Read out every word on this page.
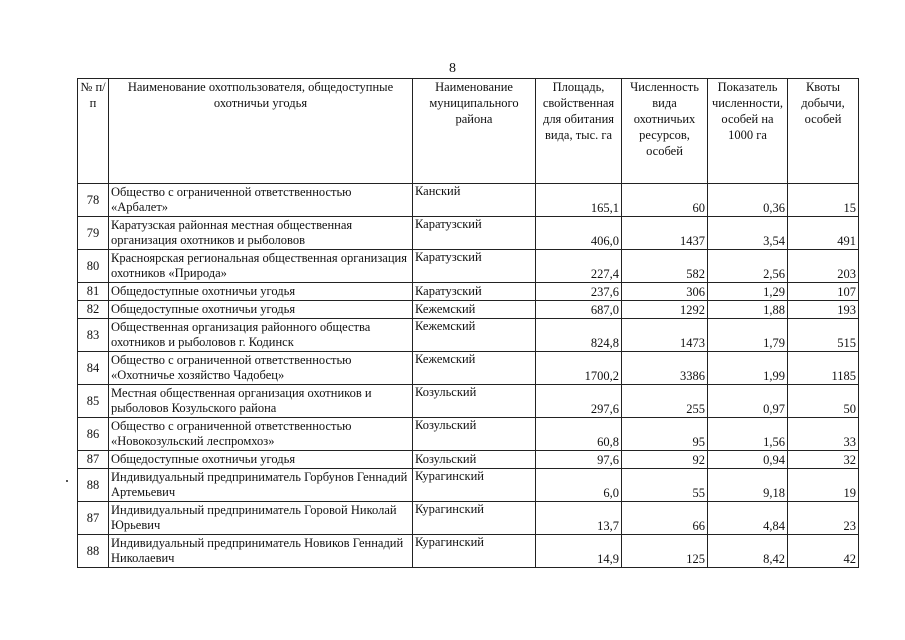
8
№ п/п	Наименование охотпользователя, общедоступные охотничьи угодья	Наименование муниципального района	Площадь, свойственная для обитания вида, тыс. га	Численность вида охотничьих ресурсов, особей	Показатель численности, особей на 1000 га	Квоты добычи, особей
78	Общество с ограниченной ответственностью «Арбалет»	Канский	165,1	60	0,36	15
79	Каратузская районная местная общественная организация охотников и рыболовов	Каратузский	406,0	1437	3,54	491
80	Красноярская региональная общественная организация охотников «Природа»	Каратузский	227,4	582	2,56	203
81	Общедоступные охотничьи угодья	Каратузский	237,6	306	1,29	107
82	Общедоступные охотничьи угодья	Кежемский	687,0	1292	1,88	193
83	Общественная организация районного общества охотников и рыболовов г. Кодинск	Кежемский	824,8	1473	1,79	515
84	Общество с ограниченной ответственностью «Охотничье хозяйство Чадобец»	Кежемский	1700,2	3386	1,99	1185
85	Местная общественная организация охотников и рыболовов Козульского района	Козульский	297,6	255	0,97	50
86	Общество с ограниченной ответственностью «Новокозульский леспромхоз»	Козульский	60,8	95	1,56	33
87	Общедоступные охотничьи угодья	Козульский	97,6	92	0,94	32
88	Индивидуальный предприниматель Горбунов Геннадий Артемьевич	Курагинский	6,0	55	9,18	19
87	Индивидуальный предприниматель Горовой Николай Юрьевич	Курагинский	13,7	66	4,84	23
88	Индивидуальный предприниматель Новиков Геннадий Николаевич	Курагинский	14,9	125	8,42	42
